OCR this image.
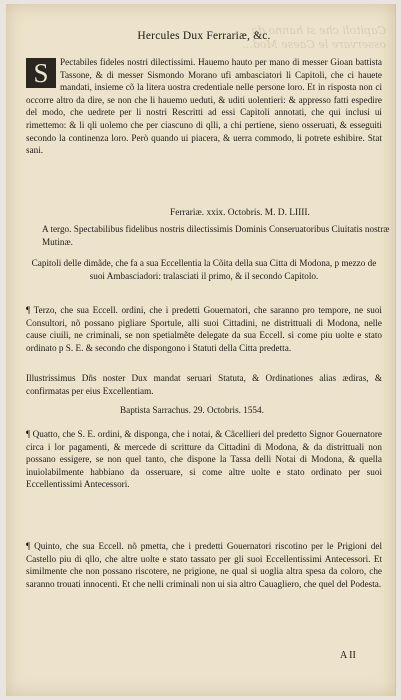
Capitoli che si hanno da osservare le Caese Mod...
Hercules Dux Ferrariæ, &c.
S	Pectabiles fideles nostri dilectissimi. Hauemo hauto per mano di messer Gioan battista Tassone, & di messer Sismondo Morano ufi ambasciatori li Capitoli, che ci hauete mandati, insieme cõ la litera uostra credentiale nelle persone loro. Et in risposta non ci occorre altro da dire, se non che li hauemo ueduti, & uditi uolentieri: & appresso fatti espedire del modo, che uedrete per li nostri Rescritti ad essi Capitoli annotati, che qui inclusi ui rimettemo: & li qli uolemo che per ciascuno di qlli, a chi pertiene, sieno osseruati, & esseguiti secondo la continenza loro. Però quando ui piacera, & uerra commodo, li potrete eshibire. Stat sani.
Ferrariæ. xxix. Octobris. M. D. LIIII.
A tergo. Spectabilibus fidelibus nostris dilectissimis Dominis Conseruatoribus Ciuitatis nostræ Mutinæ.
Capitoli delle dimãde, che fa a sua Eccellentia la Cõita della sua Citta di Modona, p mezzo de suoi Ambasciadori: tralasciati il primo, & il secondo Capitolo.
¶ Terzo, che sua Eccell. ordini, che i predetti Gouernatori, che saranno pro tempore, ne suoi Consultori, nõ possano pigliare Sportule, alli suoi Cittadini, ne distrittuali di Modona, nelle cause ciuili, ne criminali, se non spetialmẽte delegate da sua Eccell. si come piu uolte e stato ordinato p S. E. & secondo che dispongono i Statuti della Citta predetta.
Illustrissimus Dñs noster Dux mandat seruari Statuta, & Ordinationes alias ædiras, & confirmatas per eius Excellentiam.
Baptista Sarrachus. 29. Octobris. 1554.
¶ Quatto, che S. E. ordini, & disponga, che i notai, & Cãcellieri del predetto Signor Gouernatore circa i lor pagamenti, & mercede di scritture da Cittadini di Modona, & da distrittuali non possano essigere, se non quel tanto, che dispone la Tassa delli Notai di Modona, & quella inuiolabilmente habbiano da osseruare, si come altre uolte e stato ordinato per suoi Eccellentissimi Antecessori.
¶ Quinto, che sua Eccell. nõ pmetta, che i predetti Gouernatori riscotino per le Prigioni del Castello piu di qllo, che altre uolte e stato tassato per gli suoi Eccellentissimi Antecessori. Et similmente che non possano riscotere, ne prigione, ne qual si uoglia altra spesa da coloro, che saranno trouati innocenti. Et che nelli criminali non ui sia altro Cauagliero, che quel del Podesta.
A II
